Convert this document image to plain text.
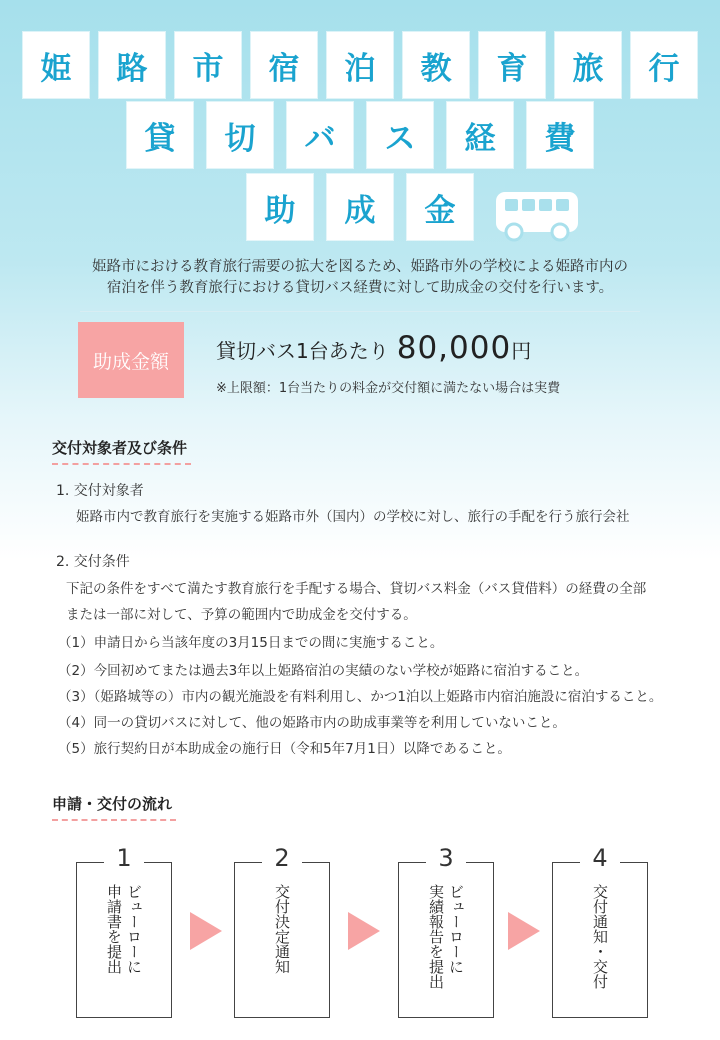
姫	路	市	宿	泊	教	育	旅	行
貸	切	バ	ス	経	費
助	成	金
姫路市における教育旅行需要の拡大を図るため、姫路市外の学校による姫路市内の
宿泊を伴う教育旅行における貸切バス経費に対して助成金の交付を行います。
助成金額	貸切バス1台あたり 80,000円
※上限額：1台当たりの料金が交付額に満たない場合は実費
交付対象者及び条件
1. 交付対象者
姫路市内で教育旅行を実施する姫路市外（国内）の学校に対し、旅行の手配を行う旅行会社
2. 交付条件
下記の条件をすべて満たす教育旅行を手配する場合、貸切バス料金（バス貸借料）の経費の全部
または一部に対して、予算の範囲内で助成金を交付する。
（1）申請日から当該年度の3月15日までの間に実施すること。
（2）今回初めてまたは過去3年以上姫路宿泊の実績のない学校が姫路に宿泊すること。
（3）（姫路城等の）市内の観光施設を有料利用し、かつ1泊以上姫路市内宿泊施設に宿泊すること。
（4）同一の貸切バスに対して、他の姫路市内の助成事業等を利用していないこと。
（5）旅行契約日が本助成金の施行日（令和5年7月1日）以降であること。
申請・交付の流れ
1
ビューローに
申請書を提出
2
交付決定通知
3
ビューローに
実績報告を提出
4
交付通知・交付
